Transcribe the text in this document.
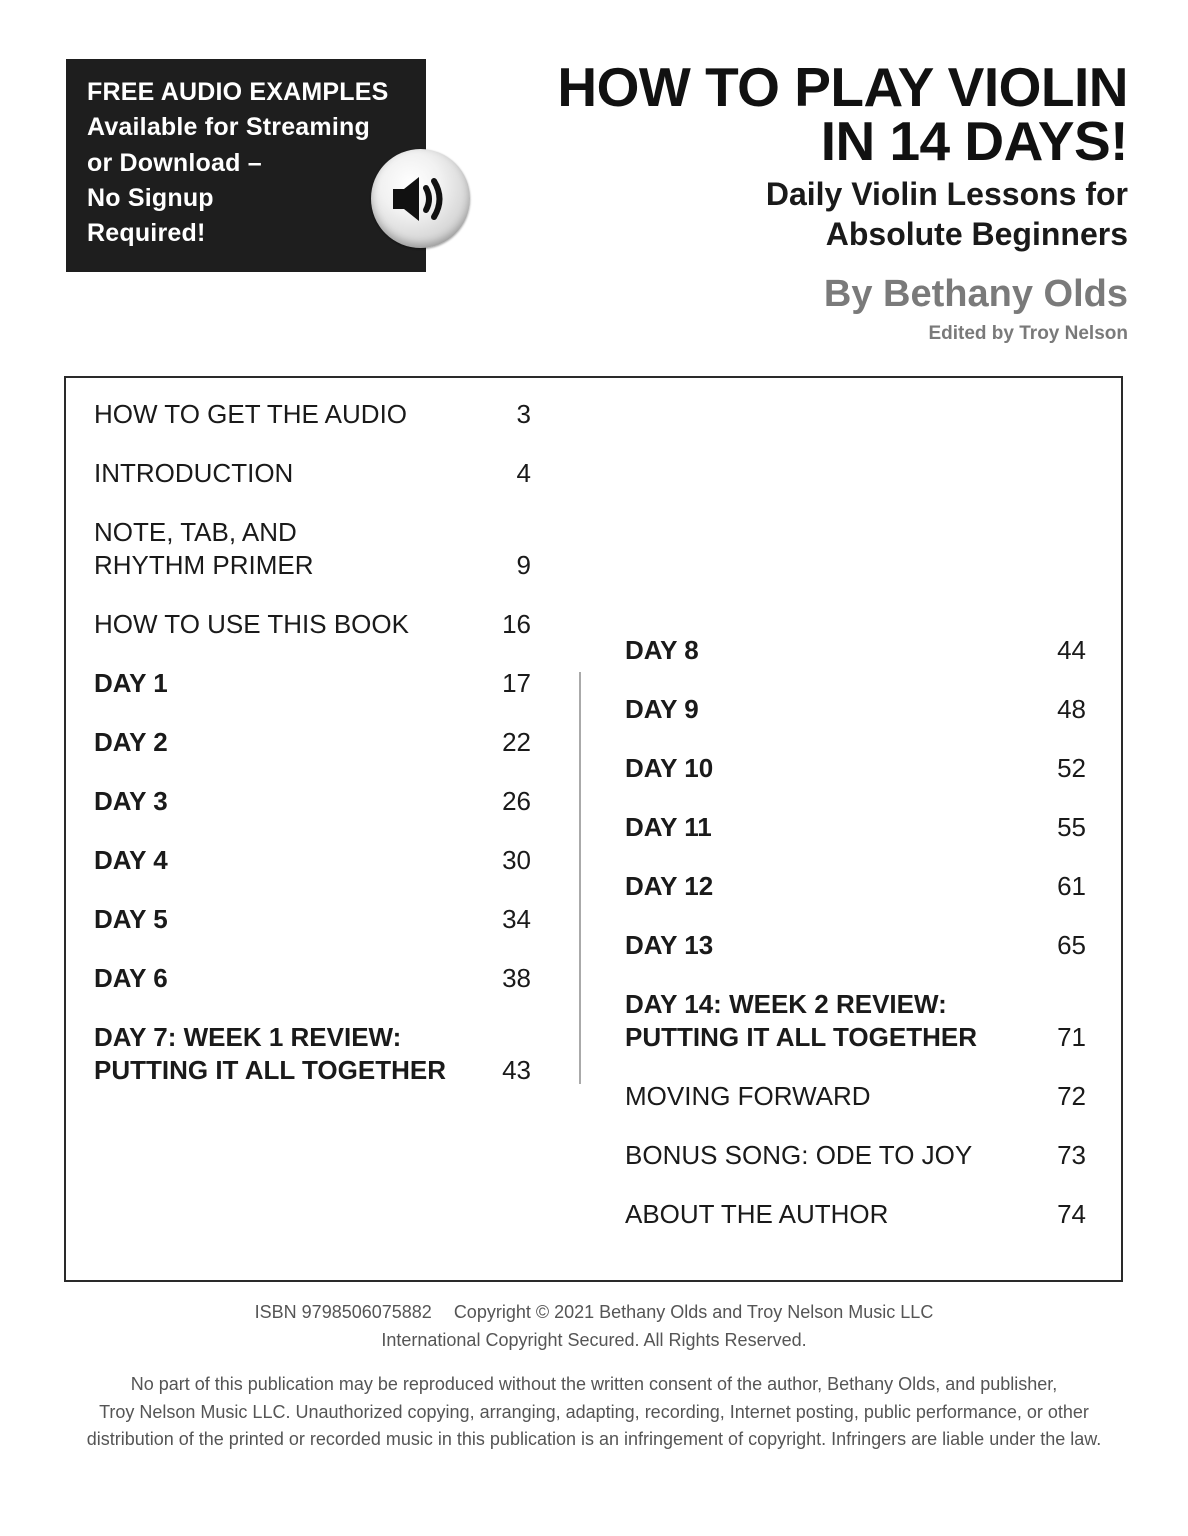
FREE AUDIO EXAMPLES
Available for Streaming
or Download –
No Signup
Required!
HOW TO PLAY VIOLIN
IN 14 DAYS!
Daily Violin Lessons for
Absolute Beginners
By Bethany Olds
Edited by Troy Nelson
HOW TO GET THE AUDIO	3
INTRODUCTION	4
NOTE, TAB, AND
RHYTHM PRIMER	9
HOW TO USE THIS BOOK	16
DAY 1	17
DAY 2	22
DAY 3	26
DAY 4	30
DAY 5	34
DAY 6	38
DAY 7: WEEK 1 REVIEW:
PUTTING IT ALL TOGETHER	43
DAY 8	44
DAY 9	48
DAY 10	52
DAY 11	55
DAY 12	61
DAY 13	65
DAY 14: WEEK 2 REVIEW:
PUTTING IT ALL TOGETHER	71
MOVING FORWARD	72
BONUS SONG: ODE TO JOY	73
ABOUT THE AUTHOR	74
ISBN 9798506075882 Copyright © 2021 Bethany Olds and Troy Nelson Music LLC
International Copyright Secured. All Rights Reserved.
No part of this publication may be reproduced without the written consent of the author, Bethany Olds, and publisher,
Troy Nelson Music LLC. Unauthorized copying, arranging, adapting, recording, Internet posting, public performance, or other
distribution of the printed or recorded music in this publication is an infringement of copyright. Infringers are liable under the law.
